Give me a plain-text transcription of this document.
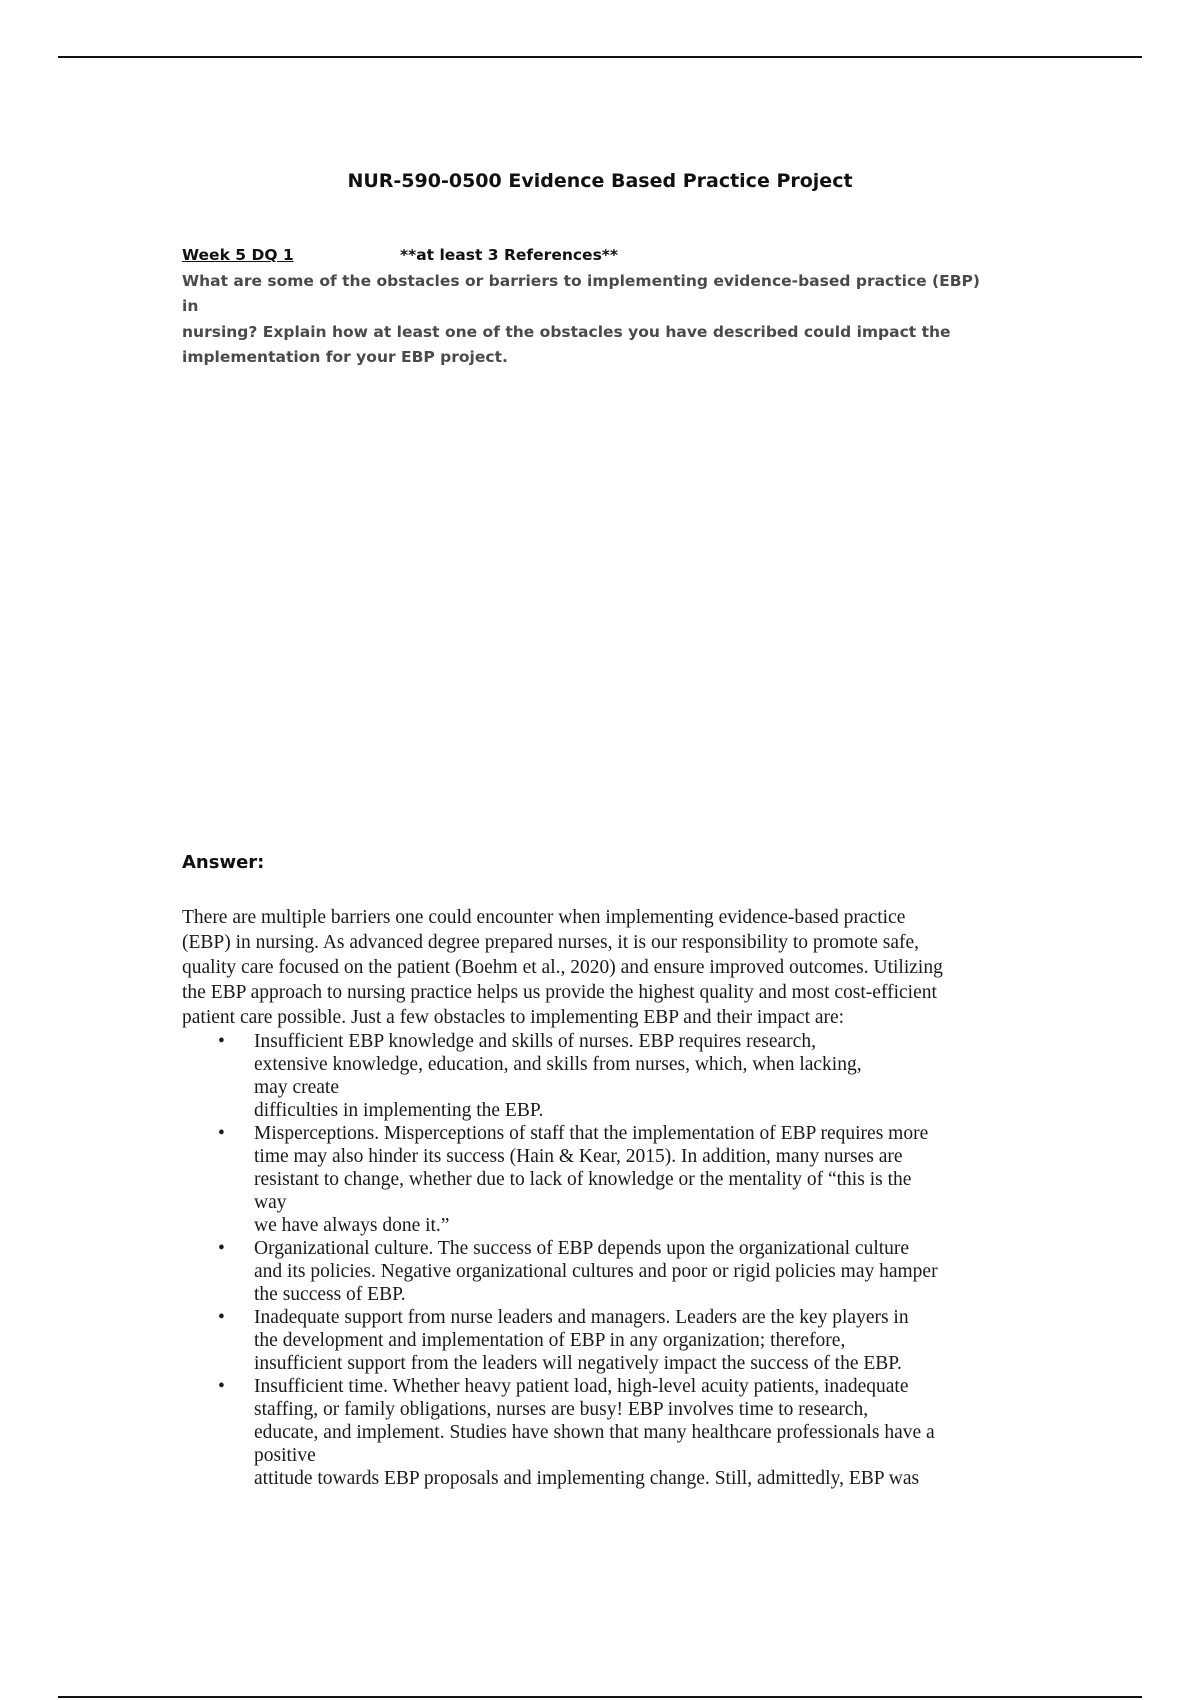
NUR-590-0500 Evidence Based Practice Project
Week 5 DQ 1	**at least 3 References**
What are some of the obstacles or barriers to implementing evidence-based practice (EBP) in
nursing? Explain how at least one of the obstacles you have described could impact the
implementation for your EBP project.
Answer:

There are multiple barriers one could encounter when implementing evidence-based practice
(EBP) in nursing. As advanced degree prepared nurses, it is our responsibility to promote safe,
quality care focused on the patient (Boehm et al., 2020) and ensure improved outcomes. Utilizing
the EBP approach to nursing practice helps us provide the highest quality and most cost-efficient
patient care possible. Just a few obstacles to implementing EBP and their impact are:

• Insufficient EBP knowledge and skills of nurses. EBP requires research,
extensive knowledge, education, and skills from nurses, which, when lacking,
may create
difficulties in implementing the EBP.
• Misperceptions. Misperceptions of staff that the implementation of EBP requires more
time may also hinder its success (Hain & Kear, 2015). In addition, many nurses are
resistant to change, whether due to lack of knowledge or the mentality of “this is the
way
we have always done it.”
• Organizational culture. The success of EBP depends upon the organizational culture
and its policies. Negative organizational cultures and poor or rigid policies may hamper
the success of EBP.
• Inadequate support from nurse leaders and managers. Leaders are the key players in
the development and implementation of EBP in any organization; therefore,
insufficient support from the leaders will negatively impact the success of the EBP.
• Insufficient time. Whether heavy patient load, high-level acuity patients, inadequate
staffing, or family obligations, nurses are busy! EBP involves time to research,
educate, and implement. Studies have shown that many healthcare professionals have a
positive
attitude towards EBP proposals and implementing change. Still, admittedly, EBP was
